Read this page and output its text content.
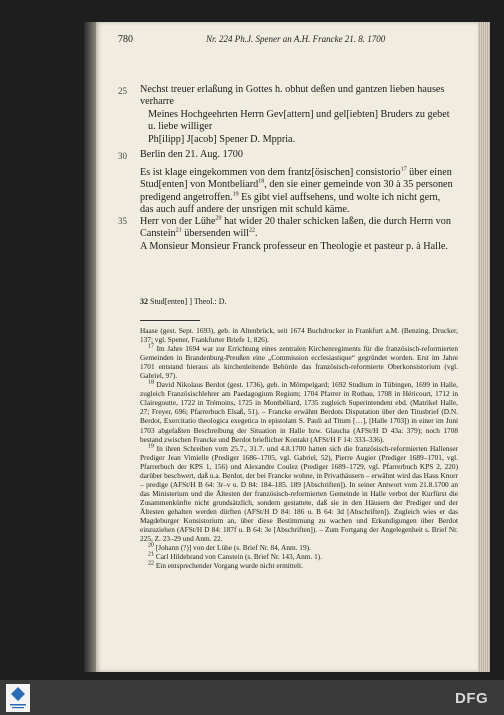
780	Nr. 224 Ph.J. Spener an A.H. Francke 21. 8. 1700
25
30
35

Nechst treuer erlaßung in Gottes h. obhut deßen und gantzen lieben hauses verharre

Meines Hochgeehrten Herrn Gev[attern] und gel[iebten] Bruders zu gebet u. liebe williger

Ph[ilipp] J[acob] Spener D. Mppria.

Berlin den 21. Aug. 1700

Es ist klage eingekommen von dem frantz[ösischen] consistorio$^{17}$ über einen Stud[enten] von Montbeliard$^{18}$, den sie einer gemeinde von 30 à 35 personen predigend angetroffen.$^{19}$ Es gibt viel auffsehens, und wolte ich nicht gern, das auch auff andere der unsrigen mit schuld käme.

Herr von der Lühe$^{20}$ hat wider 20 thaler schicken laßen, die durch Herrn von Canstein$^{21}$ übersenden will$^{22}$.

A Monsieur Monsieur Franck professeur en Theologie et pasteur p. à Halle.

32 Stud[enten] ] Theol.: D.

Haase (gest. Sept. 1693), geb. in Altenbrück, seit 1674 Buchdrucker in Frankfurt a.M. (Benzing, Drucker, 137; vgl. Spener, Frankfurter Briefe 1, 826).

$^{17}$ Im Jahre 1694 war zur Errichtung eines zentralen Kirchenregiments für die französisch-reformierten Gemeinden in Brandenburg-Preußen eine „Commission ecclesiastique“ gegründet worden. Erst im Jahre 1701 entstand hieraus als kirchenleitende Behörde das französisch-reformierte Oberkonsistorium (vgl. Gabriel, 97).

$^{18}$ David Nikolaus Berdot (gest. 1736), geb. in Mömpelgard; 1692 Studium in Tübingen, 1699 in Halle, zugleich Französischlehrer am Paedagogium Regium; 1704 Pfarrer in Rothau, 1708 in Héricourt, 1712 in Clairegoutte, 1722 in Trémoins, 1725 in Montbéliard, 1735 zugleich Superintendent ebd. (Matrikel Halle, 27; Freyer, 696; Pfarrerbuch Elsaß, 51). – Francke erwähnt Berdots Disputation über den Titusbrief (D.N. Berdot, Exercitatio theologica exegetica in epistolam S. Pauli ad Titum […], [Halle 1703]) in einer im Juni 1703 abgefaßten Beschreibung der Situation in Halle bzw. Glaucha (AFSt/H D 43a: 379); noch 1708 bestand zwischen Francke und Berdot brieflicher Kontakt (AFSt/H F 14: 333–336).

$^{19}$ In ihren Schreiben vom 25.7., 31.7. und 4.8.1700 hatten sich die französisch-reformierten Hallenser Prediger Jean Vimielle (Prediger 1686–1705, vgl. Gabriel, 52), Pierre Augier (Prediger 1689–1701, vgl. Pfarrerbuch der KPS 1, 156) und Alexandre Coulez (Prediger 1689–1729, vgl. Pfarrerbuch KPS 2, 220) darüber beschwert, daß u.a. Berdot, der bei Francke wohne, in Privathäusern – erwähnt wird das Haus Knorr – predige (AFSt/H B 64: 3r–v u. D 84: 184–185. 189 [Abschriften]). In seiner Antwort vom 21.8.1700 an das Ministerium und die Ältesten der französisch-reformierten Gemeinde in Halle verbot der Kurfürst die Zusammenkünfte nicht grundsätzlich, sondern gestattete, daß sie in den Häusern der Prediger und der Ältesten gehalten werden dürften (AFSt/H D 84: 186 u. B 64: 3d [Abschriften]). Zugleich wies er das Magdeburger Konsistorium an, über diese Bestimmung zu wachen und Erkundigungen über Berdot einzuziehen (AFSt/H D 84: 187f u. B 64: 3e [Abschriften]). – Zum Fortgang der Angelegenheit s. Brief Nr. 225, Z. 23–29 und Anm. 22.

$^{20}$ [Johann (?)] von der Lühe (s. Brief Nr. 84, Anm. 19).

$^{21}$ Carl Hildebrand von Canstein (s. Brief Nr. 143, Anm. 1).

$^{22}$ Ein entsprechender Vorgang wurde nicht ermittelt.

DFG
